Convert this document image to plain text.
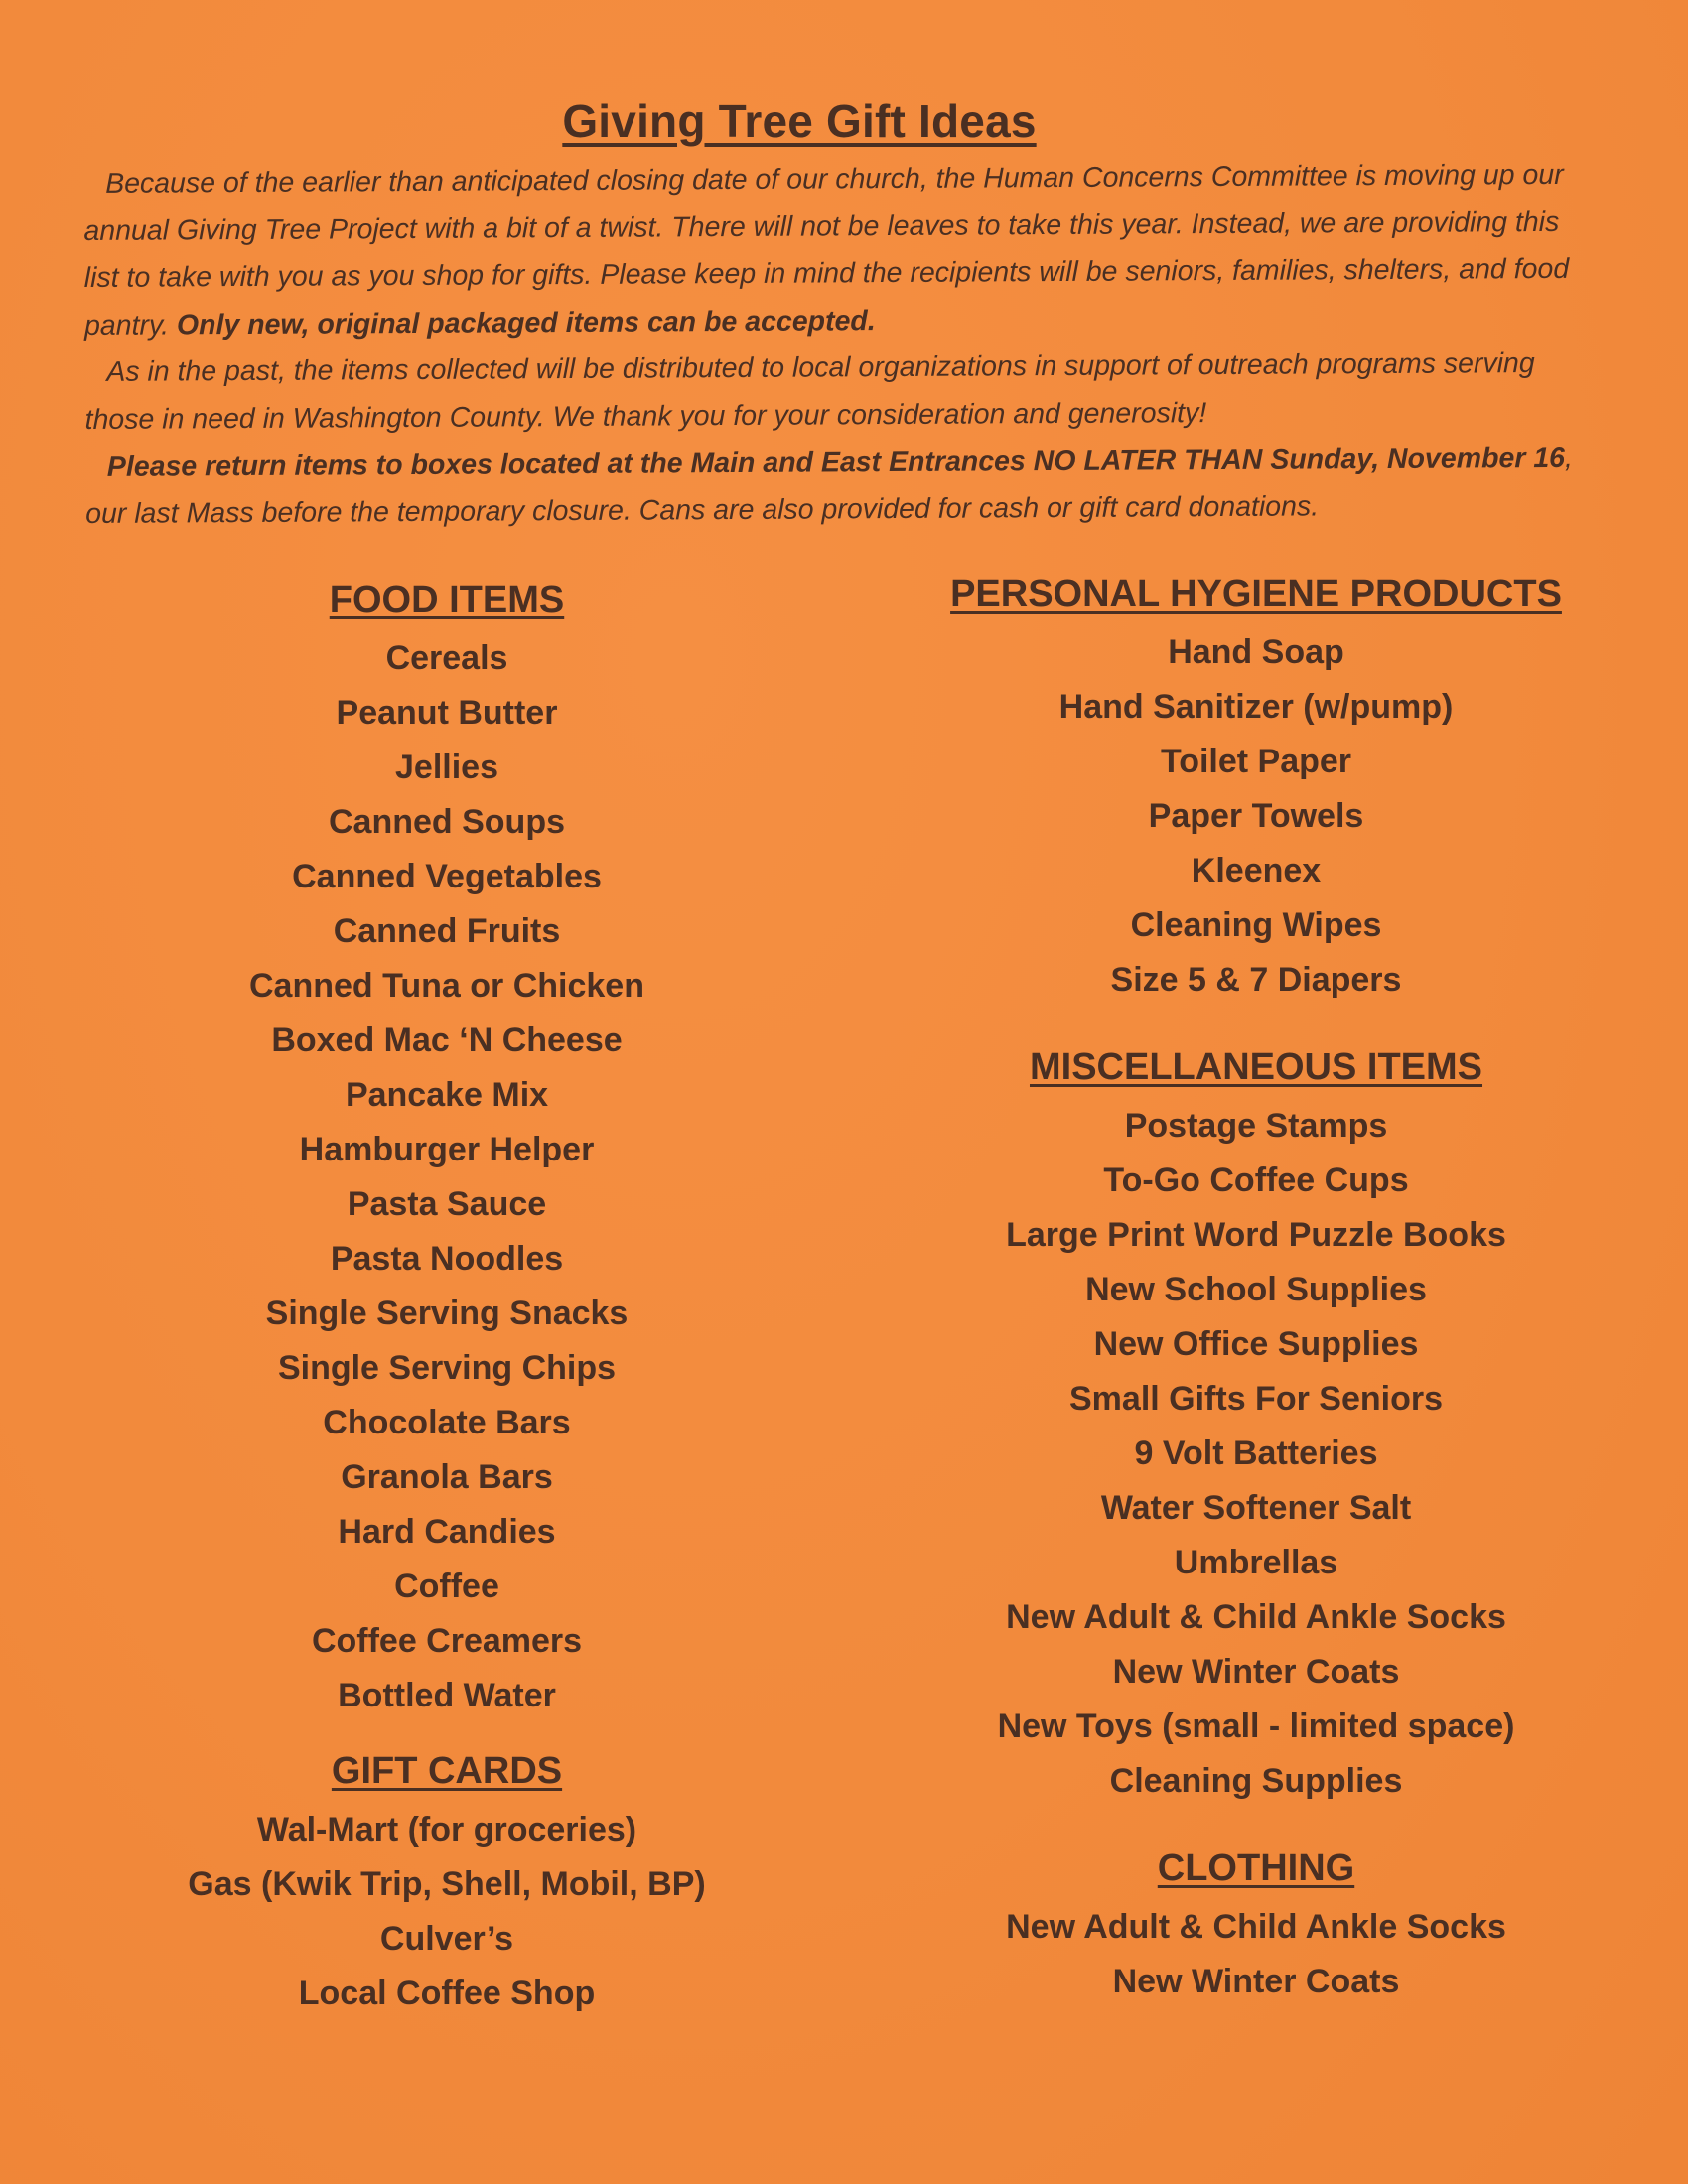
Giving Tree Gift Ideas

Because of the earlier than anticipated closing date of our church, the Human Concerns Committee is moving up our annual Giving Tree Project with a bit of a twist. There will not be leaves to take this year. Instead, we are providing this list to take with you as you shop for gifts. Please keep in mind the recipients will be seniors, families, shelters, and food pantry. Only new, original packaged items can be accepted.

As in the past, the items collected will be distributed to local organizations in support of outreach programs serving those in need in Washington County. We thank you for your consideration and generosity!

Please return items to boxes located at the Main and East Entrances NO LATER THAN Sunday, November 16, our last Mass before the temporary closure. Cans are also provided for cash or gift card donations.

FOOD ITEMS
Cereals
Peanut Butter
Jellies
Canned Soups
Canned Vegetables
Canned Fruits
Canned Tuna or Chicken
Boxed Mac ‘N Cheese
Pancake Mix
Hamburger Helper
Pasta Sauce
Pasta Noodles
Single Serving Snacks
Single Serving Chips
Chocolate Bars
Granola Bars
Hard Candies
Coffee
Coffee Creamers
Bottled Water
GIFT CARDS
Wal-Mart (for groceries)
Gas (Kwik Trip, Shell, Mobil, BP)
Culver’s
Local Coffee Shop
PERSONAL HYGIENE PRODUCTS
Hand Soap
Hand Sanitizer (w/pump)
Toilet Paper
Paper Towels
Kleenex
Cleaning Wipes
Size 5 & 7 Diapers
MISCELLANEOUS ITEMS
Postage Stamps
To-Go Coffee Cups
Large Print Word Puzzle Books
New School Supplies
New Office Supplies
Small Gifts For Seniors
9 Volt Batteries
Water Softener Salt
Umbrellas
New Adult & Child Ankle Socks
New Winter Coats
New Toys (small - limited space)
Cleaning Supplies
CLOTHING
New Adult & Child Ankle Socks
New Winter Coats
